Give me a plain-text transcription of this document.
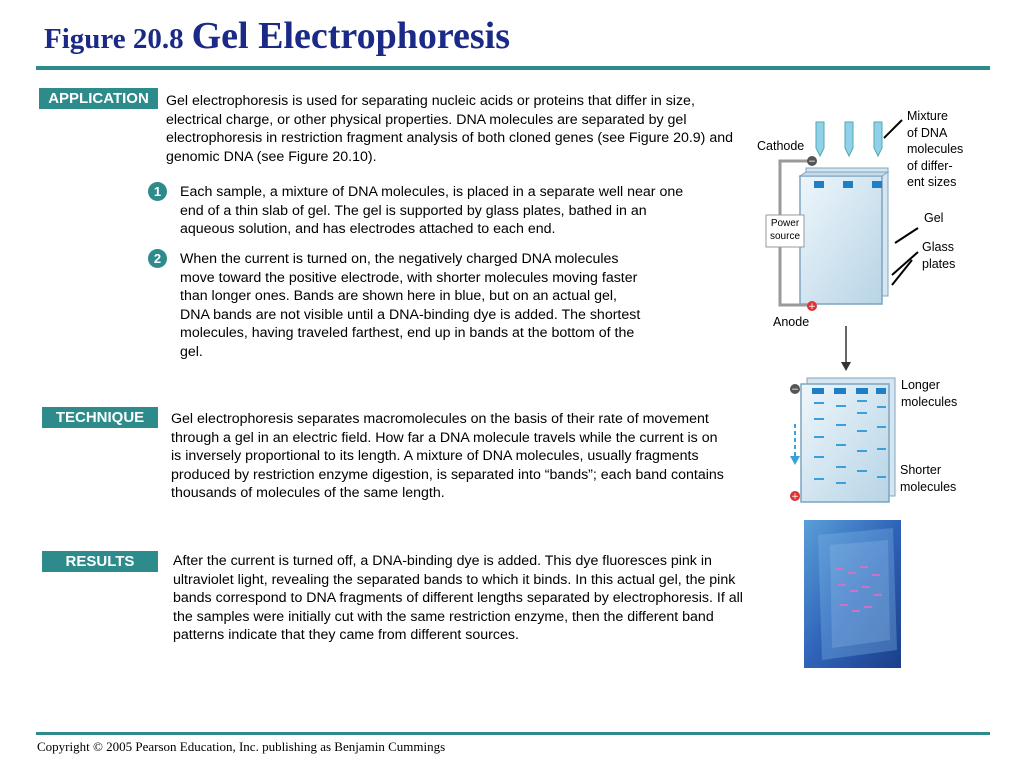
Figure 20.8 Gel Electrophoresis
APPLICATION	Gel electrophoresis is used for separating nucleic acids or proteins that differ in size, electrical charge, or other physical properties. DNA molecules are separated by gel electrophoresis in restriction fragment analysis of both cloned genes (see Figure 20.9) and genomic DNA (see Figure 20.10).
1	Each sample, a mixture of DNA molecules, is placed in a separate well near one end of a thin slab of gel. The gel is supported by glass plates, bathed in an aqueous solution, and has electrodes attached to each end.
2	When the current is turned on, the negatively charged DNA molecules move toward the positive electrode, with shorter molecules moving faster than longer ones. Bands are shown here in blue, but on an actual gel, DNA bands are not visible until a DNA-binding dye is added. The shortest molecules, having traveled farthest, end up in bands at the bottom of the gel.
TECHNIQUE	Gel electrophoresis separates macromolecules on the basis of their rate of movement through a gel in an electric field. How far a DNA molecule travels while the current is on is inversely proportional to its length. A mixture of DNA molecules, usually fragments produced by restriction enzyme digestion, is separated into “bands”; each band contains thousands of molecules of the same length.
RESULTS	After the current is turned off, a DNA-binding dye is added. This dye fluoresces pink in ultraviolet light, revealing the separated bands to which it binds. In this actual gel, the pink bands correspond to DNA fragments of different lengths separated by electrophoresis. If all the samples were initially cut with the same restriction enzyme, then the different band patterns indicate that they came from different sources.
−
+
−
+
Mixture
of DNA
molecules
of differ-
ent sizes
Cathode
Gel
Glass
plates
Power
source
Anode
Longer
molecules
Shorter
molecules
Copyright © 2005 Pearson Education, Inc. publishing as Benjamin Cummings
